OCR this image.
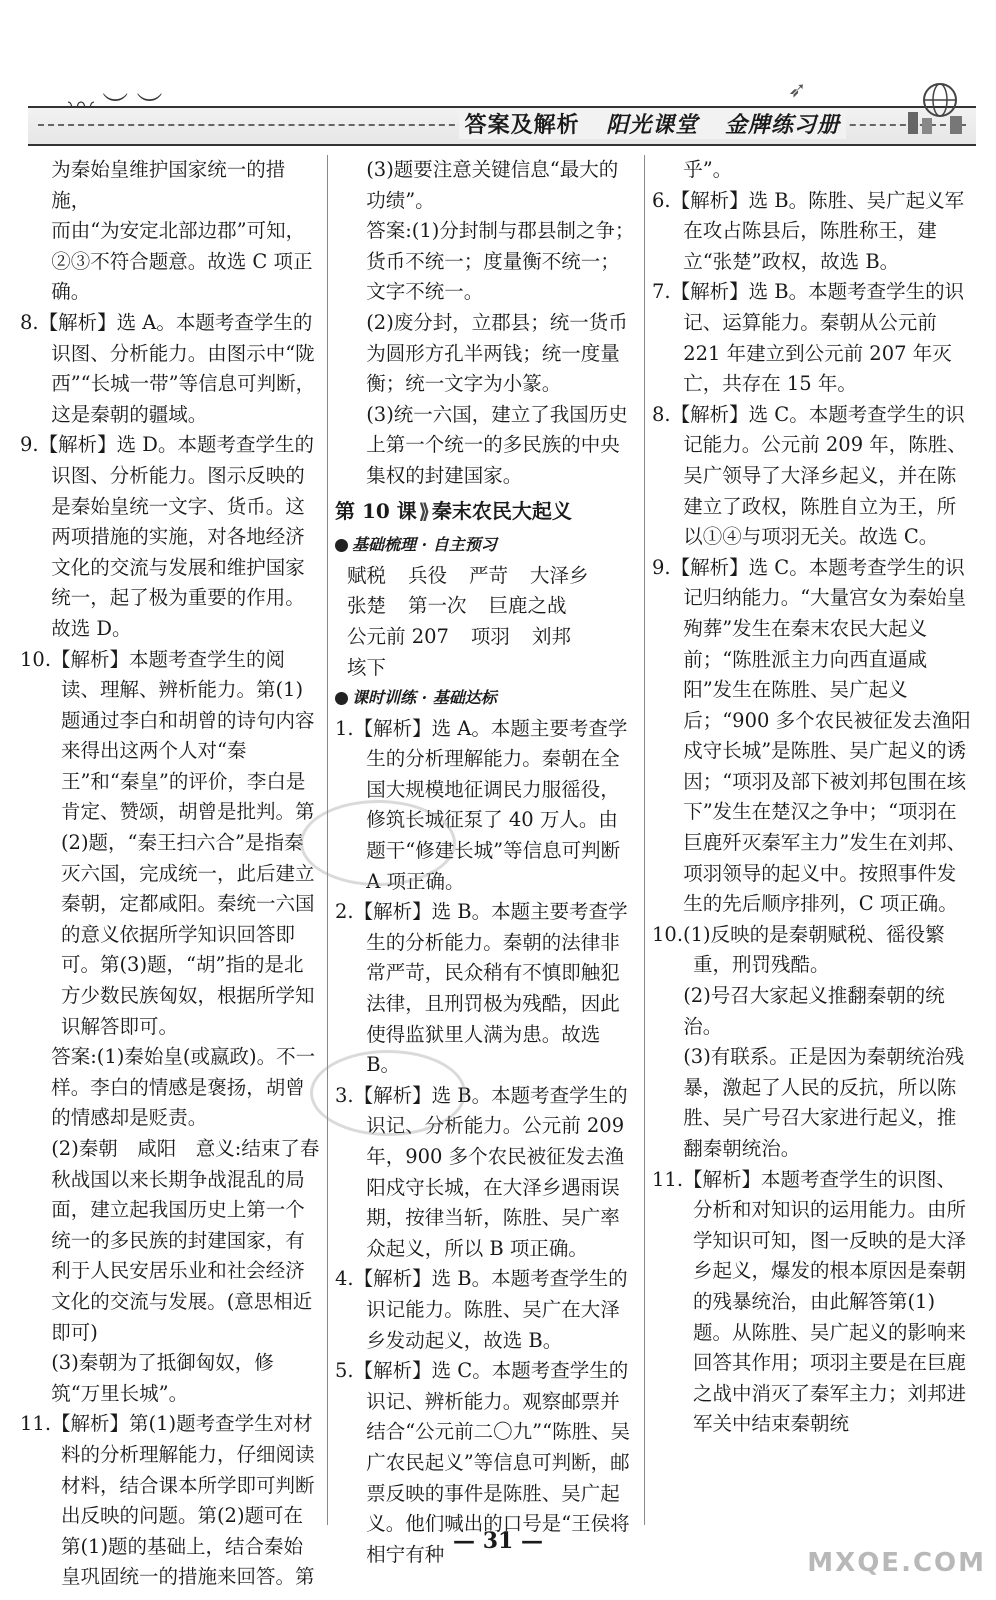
➶
答案及解析 阳光课堂 金牌练习册

为秦始皇维护国家统一的措施，

而由“为安定北部边郡”可知，

②③不符合题意。故选 C 项正确。

8.【解析】选 A。本题考查学生的识图、分析能力。由图示中“陇西”“长城一带”等信息可判断，这是秦朝的疆域。

9.【解析】选 D。本题考查学生的识图、分析能力。图示反映的是秦始皇统一文字、货币。这两项措施的实施，对各地经济文化的交流与发展和维护国家统一，起了极为重要的作用。故选 D。

10.【解析】本题考查学生的阅读、理解、辨析能力。第(1)题通过李白和胡曾的诗句内容来得出这两个人对“秦王”和“秦皇”的评价，李白是肯定、赞颂，胡曾是批判。第(2)题，“秦王扫六合”是指秦灭六国，完成统一，此后建立秦朝，定都咸阳。秦统一六国的意义依据所学知识回答即可。第(3)题，“胡”指的是北方少数民族匈奴，根据所学知识解答即可。

答案:(1)秦始皇(或嬴政)。不一样。李白的情感是褒扬，胡曾的情感却是贬责。

(2)秦朝　咸阳　意义:结束了春秋战国以来长期争战混乱的局面，建立起我国历史上第一个统一的多民族的封建国家，有利于人民安居乐业和社会经济文化的交流与发展。(意思相近即可)

(3)秦朝为了抵御匈奴，修筑“万里长城”。

11.【解析】第(1)题考查学生对材料的分析理解能力，仔细阅读材料，结合课本所学即可判断出反映的问题。第(2)题可在第(1)题的基础上，结合秦始皇巩固统一的措施来回答。第

(3)题要注意关键信息“最大的功绩”。

答案:(1)分封制与郡县制之争；货币不统一；度量衡不统一；文字不统一。

(2)废分封，立郡县；统一货币为圆形方孔半两钱；统一度量衡；统一文字为小篆。

(3)统一六国，建立了我国历史上第一个统一的多民族的中央集权的封建国家。

第 10 课 ⟫ 秦末农民大起义
基础梳理 · 自主预习
赋税 兵役 严苛 大泽乡
张楚 第一次 巨鹿之战
公元前 207 项羽 刘邦垓下
课时训练 · 基础达标

1.【解析】选 A。本题主要考查学生的分析理解能力。秦朝在全国大规模地征调民力服徭役，修筑长城征泵了 40 万人。由题干“修建长城”等信息可判断 A 项正确。

2.【解析】选 B。本题主要考查学生的分析能力。秦朝的法律非常严苛，民众稍有不慎即触犯法律，且刑罚极为残酷，因此使得监狱里人满为患。故选 B。

3.【解析】选 B。本题考查学生的识记、分析能力。公元前 209 年，900 多个农民被征发去渔阳戍守长城，在大泽乡遇雨误期，按律当斩，陈胜、吴广率众起义，所以 B 项正确。

4.【解析】选 B。本题考查学生的识记能力。陈胜、吴广在大泽乡发动起义，故选 B。

5.【解析】选 C。本题考查学生的识记、辨析能力。观察邮票并结合“公元前二〇九”“陈胜、吴广农民起义”等信息可判断，邮票反映的事件是陈胜、吴广起义。他们喊出的口号是“王侯将相宁有种

乎”。

6.【解析】选 B。陈胜、吴广起义军在攻占陈县后，陈胜称王，建立“张楚”政权，故选 B。

7.【解析】选 B。本题考查学生的识记、运算能力。秦朝从公元前 221 年建立到公元前 207 年灭亡，共存在 15 年。

8.【解析】选 C。本题考查学生的识记能力。公元前 209 年，陈胜、吴广领导了大泽乡起义，并在陈建立了政权，陈胜自立为王，所以①④与项羽无关。故选 C。

9.【解析】选 C。本题考查学生的识记归纳能力。“大量宫女为秦始皇殉葬”发生在秦末农民大起义前；“陈胜派主力向西直逼咸阳”发生在陈胜、吴广起义后；“900 多个农民被征发去渔阳戍守长城”是陈胜、吴广起义的诱因；“项羽及部下被刘邦包围在垓下”发生在楚汉之争中；“项羽在巨鹿歼灭秦军主力”发生在刘邦、项羽领导的起义中。按照事件发生的先后顺序排列，C 项正确。

10.(1)反映的是秦朝赋税、徭役繁重，刑罚残酷。

(2)号召大家起义推翻秦朝的统治。

(3)有联系。正是因为秦朝统治残暴，激起了人民的反抗，所以陈胜、吴广号召大家进行起义，推翻秦朝统治。

11.【解析】本题考查学生的识图、分析和对知识的运用能力。由所学知识可知，图一反映的是大泽乡起义，爆发的根本原因是秦朝的残暴统治，由此解答第(1)题。从陈胜、吴广起义的影响来回答其作用；项羽主要是在巨鹿之战中消灭了秦军主力；刘邦进军关中结束秦朝统

— 31 —
MXQE.COM
